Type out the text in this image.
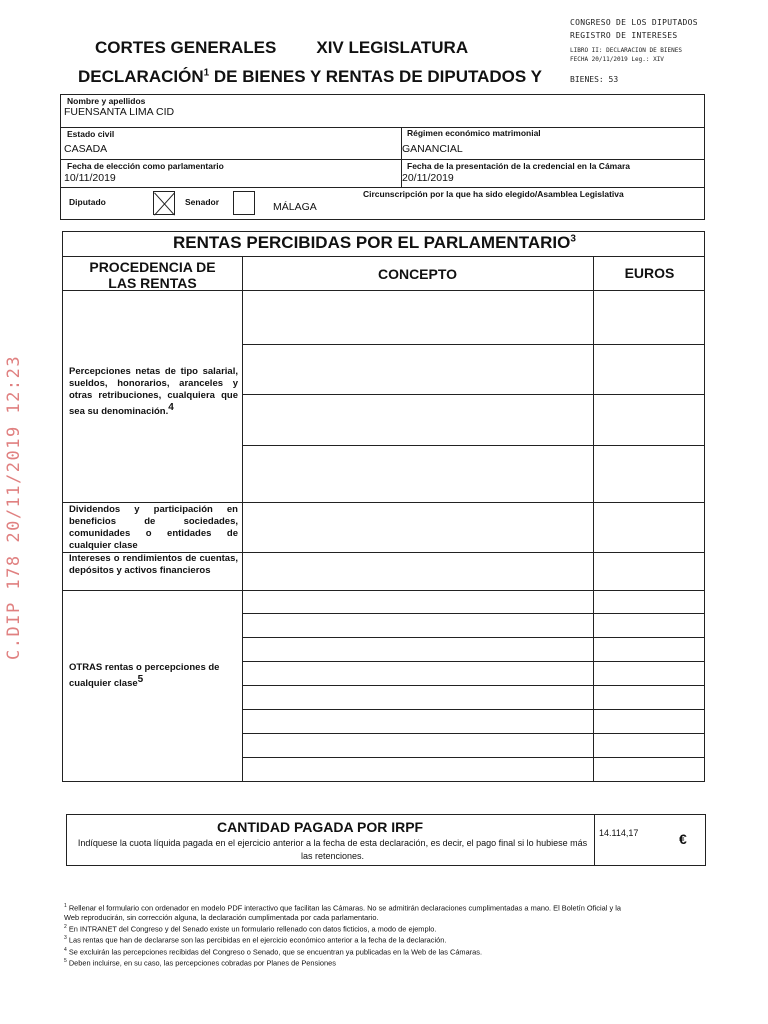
CONGRESO DE LOS DIPUTADOS
REGISTRO DE INTERESES
LIBRO II: DECLARACION DE BIENES
FECHA 20/11/2019 Leg.: XIV
BIENES: 53
C.DIP 178 20/11/2019 12:23
CORTES GENERALES XIV LEGISLATURA
DECLARACIÓN$^1$ DE BIENES Y RENTAS DE DIPUTADOS Y
Nombre y apellidos
FUENSANTA LIMA CID
Estado civil
CASADA
Régimen económico matrimonial
GANANCIAL
Fecha de elección como parlamentario
10/11/2019
Fecha de la presentación de la credencial en la Cámara
20/11/2019
Diputado	Senador
Circunscripción por la que ha sido elegido/Asamblea Legislativa
MÁLAGA
RENTAS PERCIBIDAS POR EL PARLAMENTARIO$^3$
PROCEDENCIA DE
LAS RENTAS
CONCEPTO	EUROS
Percepciones netas de tipo salarial, sueldos, honorarios, aranceles y otras retribuciones, cualquiera que sea su denominación.$^4$
Dividendos y participación en beneficios de sociedades, comunidades o entidades de cualquier clase
Intereses o rendimientos de cuentas, depósitos y activos financieros
OTRAS rentas o percepciones de cualquier clase$^5$
CANTIDAD PAGADA POR IRPF
Indíquese la cuota líquida pagada en el ejercicio anterior a la fecha de esta declaración, es decir, el pago final si lo hubiese más las retenciones.
14.114,17	€
$^1$ Rellenar el formulario con ordenador en modelo PDF interactivo que facilitan las Cámaras. No se admitirán declaraciones cumplimentadas a mano. El Boletín Oficial y la
Web reproducirán, sin corrección alguna, la declaración cumplimentada por cada parlamentario.
$^2$ En INTRANET del Congreso y del Senado existe un formulario rellenado con datos ficticios, a modo de ejemplo.
$^3$ Las rentas que han de declararse son las percibidas en el ejercicio económico anterior a la fecha de la declaración.
$^4$ Se excluirán las percepciones recibidas del Congreso o Senado, que se encuentran ya publicadas en la Web de las Cámaras.
$^5$ Deben incluirse, en su caso, las percepciones cobradas por Planes de Pensiones
